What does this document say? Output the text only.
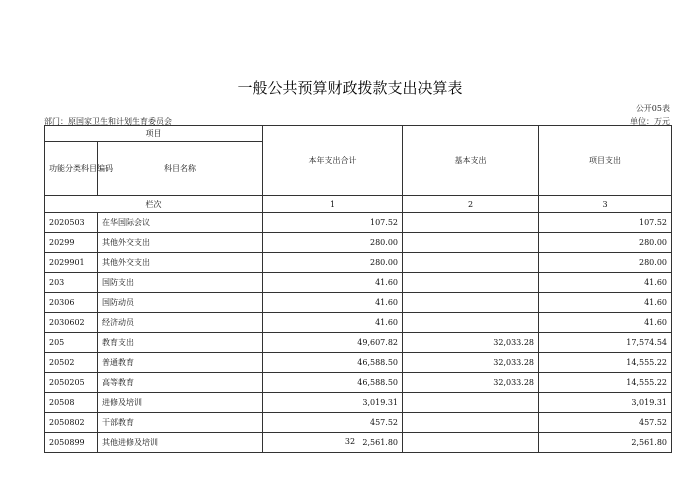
一般公共预算财政拨款支出决算表
公开05表
部门：原国家卫生和计划生育委员会	单位：万元
项目		本年支出合计	基本支出	项目支出
功能分类科目编码	科目名称			
栏次		1	2	3
2020503	在华国际会议	107.52		107.52
20299	其他外交支出	280.00		280.00
2029901	其他外交支出	280.00		280.00
203	国防支出	41.60		41.60
20306	国防动员	41.60		41.60
2030602	经济动员	41.60		41.60
205	教育支出	49,607.82	32,033.28	17,574.54
20502	普通教育	46,588.50	32,033.28	14,555.22
2050205	高等教育	46,588.50	32,033.28	14,555.22
20508	进修及培训	3,019.31		3,019.31
2050802	干部教育	457.52		457.52
2050899	其他进修及培训	2,561.80		2,561.80
32
